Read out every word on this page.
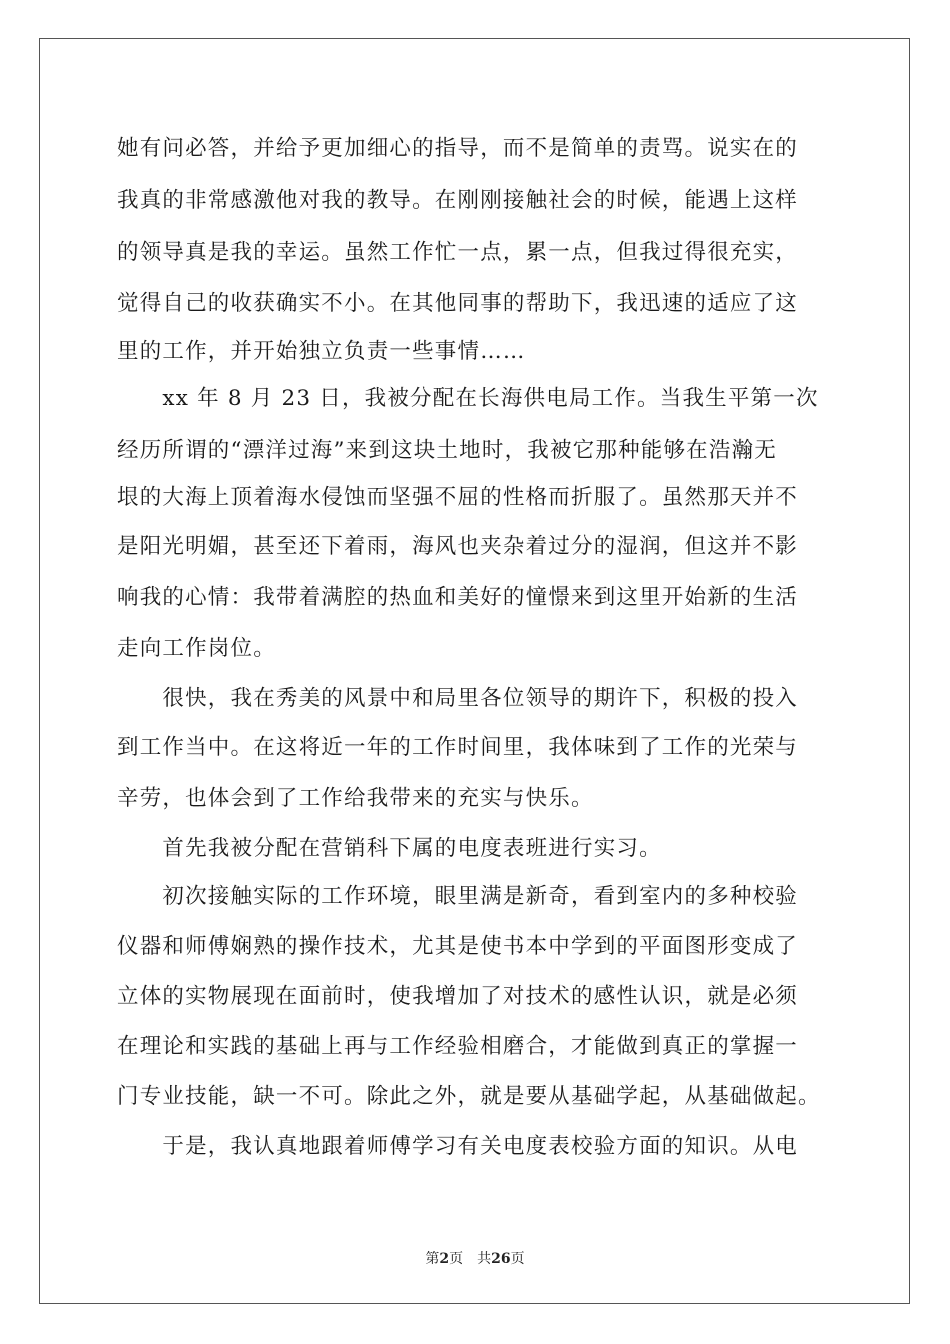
她有问必答，并给予更加细心的指导，而不是简单的责骂。说实在的
我真的非常感激他对我的教导。在刚刚接触社会的时候，能遇上这样
的领导真是我的幸运。虽然工作忙一点，累一点，但我过得很充实，
觉得自己的收获确实不小。在其他同事的帮助下，我迅速的适应了这
里的工作，并开始独立负责一些事情……
　　xx 年 8 月 23 日，我被分配在长海供电局工作。当我生平第一次
经历所谓的“漂洋过海”来到这块土地时，我被它那种能够在浩瀚无
垠的大海上顶着海水侵蚀而坚强不屈的性格而折服了。虽然那天并不
是阳光明媚，甚至还下着雨，海风也夹杂着过分的湿润，但这并不影
响我的心情：我带着满腔的热血和美好的憧憬来到这里开始新的生活
走向工作岗位。
　　很快，我在秀美的风景中和局里各位领导的期许下，积极的投入
到工作当中。在这将近一年的工作时间里，我体味到了工作的光荣与
辛劳，也体会到了工作给我带来的充实与快乐。
　　首先我被分配在营销科下属的电度表班进行实习。
　　初次接触实际的工作环境，眼里满是新奇，看到室内的多种校验
仪器和师傅娴熟的操作技术，尤其是使书本中学到的平面图形变成了
立体的实物展现在面前时，使我增加了对技术的感性认识，就是必须
在理论和实践的基础上再与工作经验相磨合，才能做到真正的掌握一
门专业技能，缺一不可。除此之外，就是要从基础学起，从基础做起。
　　于是，我认真地跟着师傅学习有关电度表校验方面的知识。从电
第2页 共26页
